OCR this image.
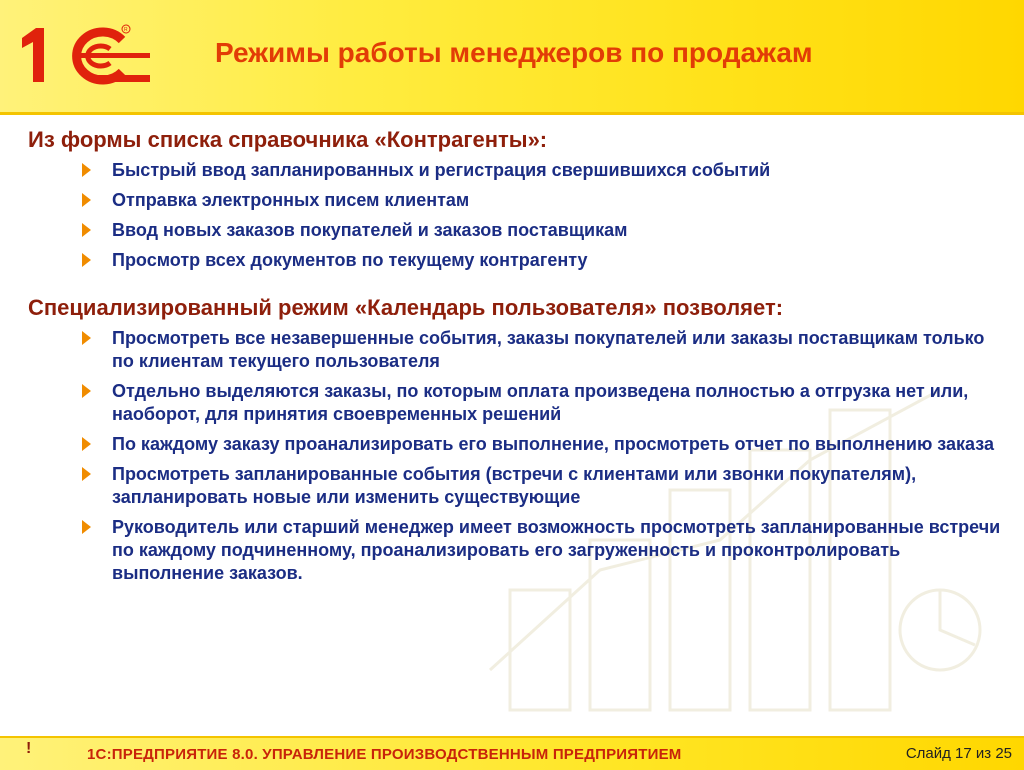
R
Режимы работы менеджеров по продажам
Из формы списка справочника «Контрагенты»:
Быстрый ввод запланированных и регистрация свершившихся событий
Отправка электронных писем клиентам
Ввод новых заказов покупателей и заказов поставщикам
Просмотр всех документов по текущему контрагенту
Специализированный режим «Календарь пользователя» позволяет:
Просмотреть все незавершенные события, заказы покупателей или заказы поставщикам только по клиентам текущего пользователя
Отдельно выделяются заказы, по которым оплата произведена полностью а отгрузка нет или, наоборот, для принятия своевременных решений
По каждому заказу проанализировать его выполнение, просмотреть отчет по выполнению заказа
Просмотреть запланированные события (встречи с клиентами или звонки покупателям), запланировать новые или изменить существующие
Руководитель или старший менеджер имеет возможность просмотреть запланированные встречи по каждому подчиненному, проанализировать его загруженность и проконтролировать выполнение заказов.
!	1С:ПРЕДПРИЯТИЕ 8.0. УПРАВЛЕНИЕ ПРОИЗВОДСТВЕННЫМ ПРЕДПРИЯТИЕМ	Слайд 17 из 25
